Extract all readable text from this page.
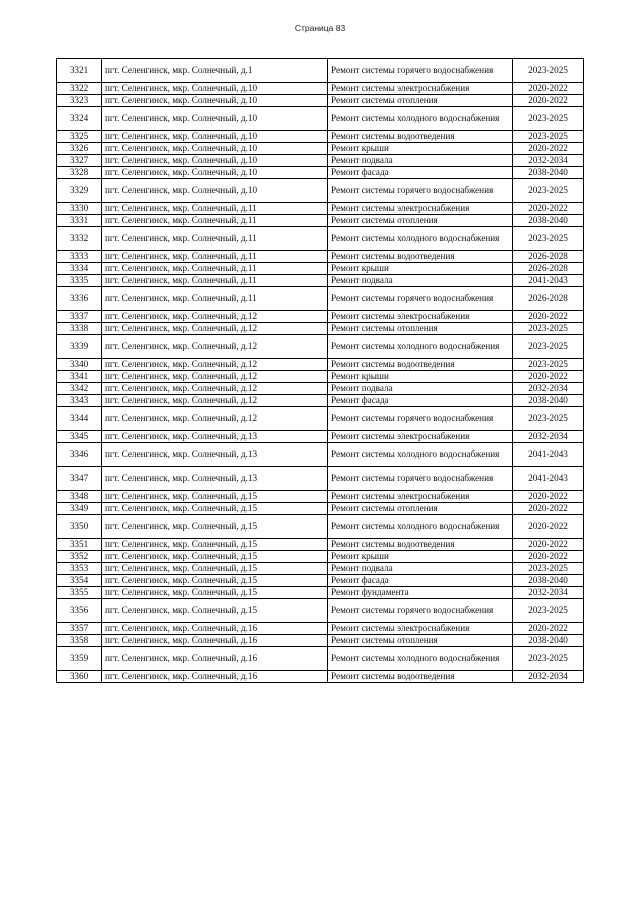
Страница 83
3321	пгт. Селенгинск, мкр. Солнечный, д.1	Ремонт системы горячего водоснабжения	2023-2025
3322	пгт. Селенгинск, мкр. Солнечный, д.10	Ремонт системы электроснабжения	2020-2022
3323	пгт. Селенгинск, мкр. Солнечный, д.10	Ремонт системы отопления	2020-2022
3324	пгт. Селенгинск, мкр. Солнечный, д.10	Ремонт системы холодного водоснабжения	2023-2025
3325	пгт. Селенгинск, мкр. Солнечный, д.10	Ремонт системы водоотведения	2023-2025
3326	пгт. Селенгинск, мкр. Солнечный, д.10	Ремонт крыши	2020-2022
3327	пгт. Селенгинск, мкр. Солнечный, д.10	Ремонт подвала	2032-2034
3328	пгт. Селенгинск, мкр. Солнечный, д.10	Ремонт фасада	2038-2040
3329	пгт. Селенгинск, мкр. Солнечный, д.10	Ремонт системы горячего водоснабжения	2023-2025
3330	пгт. Селенгинск, мкр. Солнечный, д.11	Ремонт системы электроснабжения	2020-2022
3331	пгт. Селенгинск, мкр. Солнечный, д.11	Ремонт системы отопления	2038-2040
3332	пгт. Селенгинск, мкр. Солнечный, д.11	Ремонт системы холодного водоснабжения	2023-2025
3333	пгт. Селенгинск, мкр. Солнечный, д.11	Ремонт системы водоотведения	2026-2028
3334	пгт. Селенгинск, мкр. Солнечный, д.11	Ремонт крыши	2026-2028
3335	пгт. Селенгинск, мкр. Солнечный, д.11	Ремонт подвала	2041-2043
3336	пгт. Селенгинск, мкр. Солнечный, д.11	Ремонт системы горячего водоснабжения	2026-2028
3337	пгт. Селенгинск, мкр. Солнечный, д.12	Ремонт системы электроснабжения	2020-2022
3338	пгт. Селенгинск, мкр. Солнечный, д.12	Ремонт системы отопления	2023-2025
3339	пгт. Селенгинск, мкр. Солнечный, д.12	Ремонт системы холодного водоснабжения	2023-2025
3340	пгт. Селенгинск, мкр. Солнечный, д.12	Ремонт системы водоотведения	2023-2025
3341	пгт. Селенгинск, мкр. Солнечный, д.12	Ремонт крыши	2020-2022
3342	пгт. Селенгинск, мкр. Солнечный, д.12	Ремонт подвала	2032-2034
3343	пгт. Селенгинск, мкр. Солнечный, д.12	Ремонт фасада	2038-2040
3344	пгт. Селенгинск, мкр. Солнечный, д.12	Ремонт системы горячего водоснабжения	2023-2025
3345	пгт. Селенгинск, мкр. Солнечный, д.13	Ремонт системы электроснабжения	2032-2034
3346	пгт. Селенгинск, мкр. Солнечный, д.13	Ремонт системы холодного водоснабжения	2041-2043
3347	пгт. Селенгинск, мкр. Солнечный, д.13	Ремонт системы горячего водоснабжения	2041-2043
3348	пгт. Селенгинск, мкр. Солнечный, д.15	Ремонт системы электроснабжения	2020-2022
3349	пгт. Селенгинск, мкр. Солнечный, д.15	Ремонт системы отопления	2020-2022
3350	пгт. Селенгинск, мкр. Солнечный, д.15	Ремонт системы холодного водоснабжения	2020-2022
3351	пгт. Селенгинск, мкр. Солнечный, д.15	Ремонт системы водоотведения	2020-2022
3352	пгт. Селенгинск, мкр. Солнечный, д.15	Ремонт крыши	2020-2022
3353	пгт. Селенгинск, мкр. Солнечный, д.15	Ремонт подвала	2023-2025
3354	пгт. Селенгинск, мкр. Солнечный, д.15	Ремонт фасада	2038-2040
3355	пгт. Селенгинск, мкр. Солнечный, д.15	Ремонт фундамента	2032-2034
3356	пгт. Селенгинск, мкр. Солнечный, д.15	Ремонт системы горячего водоснабжения	2023-2025
3357	пгт. Селенгинск, мкр. Солнечный, д.16	Ремонт системы электроснабжения	2020-2022
3358	пгт. Селенгинск, мкр. Солнечный, д.16	Ремонт системы отопления	2038-2040
3359	пгт. Селенгинск, мкр. Солнечный, д.16	Ремонт системы холодного водоснабжения	2023-2025
3360	пгт. Селенгинск, мкр. Солнечный, д.16	Ремонт системы водоотведения	2032-2034
